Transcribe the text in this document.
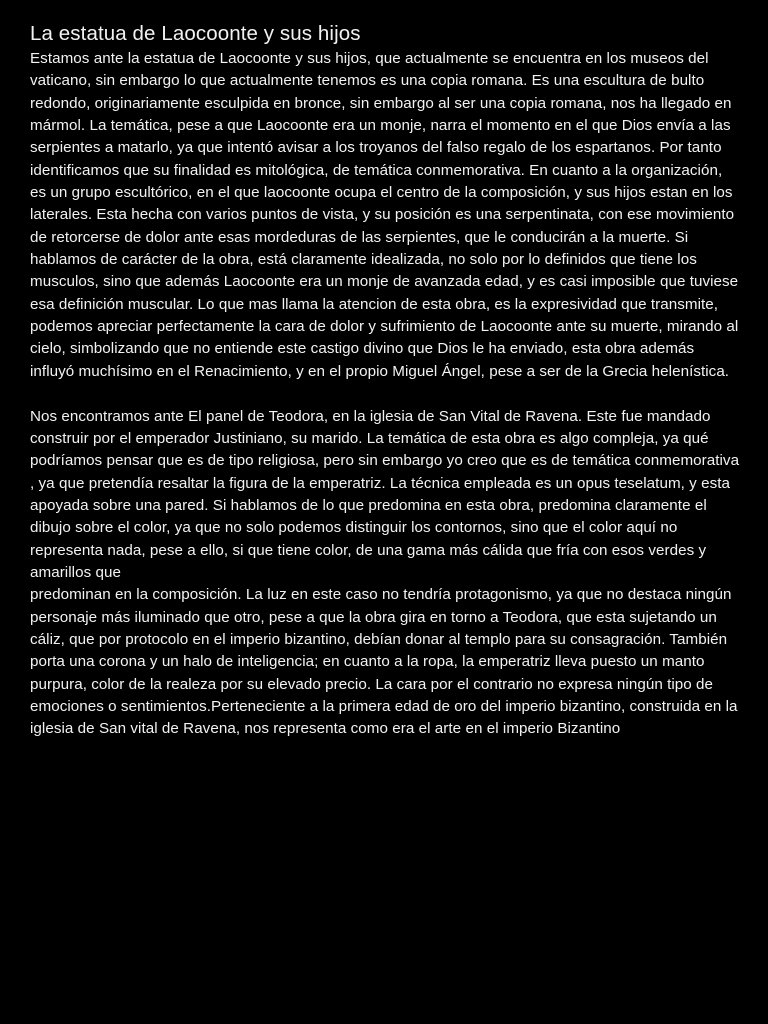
La estatua de Laocoonte y sus hijos

Estamos ante la estatua de Laocoonte y sus hijos, que actualmente se encuentra en los museos del vaticano, sin embargo lo que actualmente tenemos es una copia romana. Es una escultura de bulto redondo, originariamente esculpida en bronce, sin embargo al ser una copia romana, nos ha llegado en mármol. La temática, pese a que Laocoonte era un monje, narra el momento en el que Dios envía a las serpientes a matarlo, ya que intentó avisar a los troyanos del falso regalo de los espartanos. Por tanto identificamos que su finalidad es mitológica, de temática conmemorativa. En cuanto a la organización, es un grupo escultórico, en el que laocoonte ocupa el centro de la composición, y sus hijos estan en los laterales. Esta hecha con varios puntos de vista, y su posición es una serpentinata, con ese movimiento de retorcerse de dolor ante esas mordeduras de las serpientes, que le conducirán a la muerte. Si hablamos de carácter de la obra, está claramente idealizada, no solo por lo definidos que tiene los musculos, sino que además Laocoonte era un monje de avanzada edad, y es casi imposible que tuviese esa definición muscular. Lo que mas llama la atencion de esta obra, es la expresividad que transmite, podemos apreciar perfectamente la cara de dolor y sufrimiento de Laocoonte ante su muerte, mirando al cielo, simbolizando que no entiende este castigo divino que Dios le ha enviado, esta obra además influyó muchísimo en el Renacimiento, y en el propio Miguel Ángel, pese a ser de la Grecia helenística.

Nos encontramos ante El panel de Teodora, en la iglesia de San Vital de Ravena. Este fue mandado construir por el emperador Justiniano, su marido. La temática de esta obra es algo compleja, ya qué podríamos pensar que es de tipo religiosa, pero sin embargo yo creo que es de temática conmemorativa , ya que pretendía resaltar la figura de la emperatriz. La técnica empleada es un opus teselatum, y esta apoyada sobre una pared. Si hablamos de lo que predomina en esta obra, predomina claramente el dibujo sobre el color, ya que no solo podemos distinguir los contornos, sino que el color aquí no representa nada, pese a ello, si que tiene color, de una gama más cálida que fría con esos verdes y amarillos que

predominan en la composición. La luz en este caso no tendría protagonismo, ya que no destaca ningún personaje más iluminado que otro, pese a que la obra gira en torno a Teodora, que esta sujetando un cáliz, que por protocolo en el imperio bizantino, debían donar al templo para su consagración. También porta una corona y un halo de inteligencia; en cuanto a la ropa, la emperatriz lleva puesto un manto purpura, color de la realeza por su elevado precio. La cara por el contrario no expresa ningún tipo de emociones o sentimientos.Perteneciente a la primera edad de oro del imperio bizantino, construida en la iglesia de San vital de Ravena, nos representa como era el arte en el imperio Bizantino
